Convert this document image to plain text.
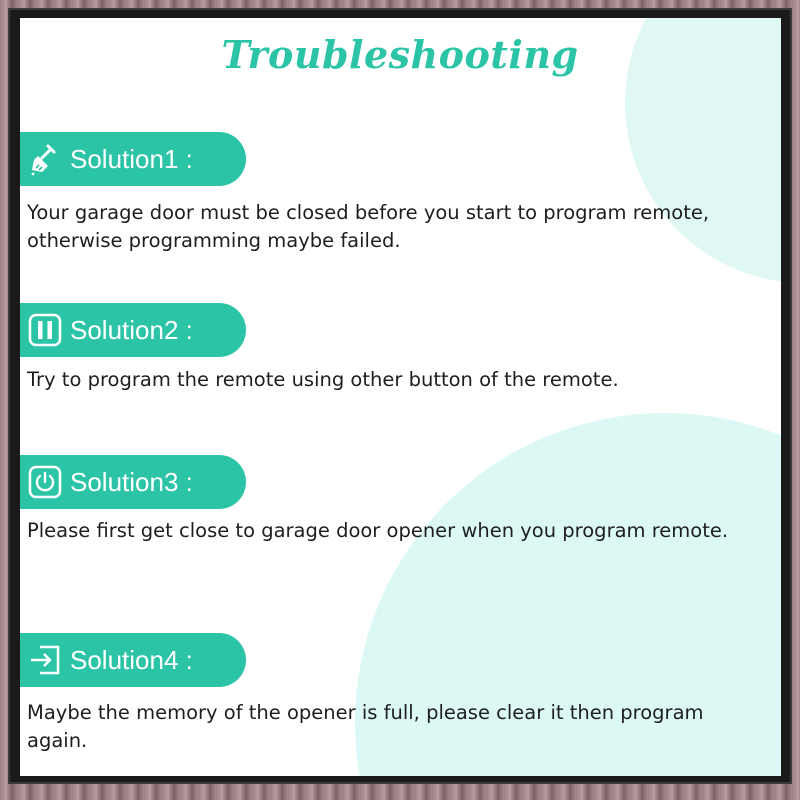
Troubleshooting
Solution1 :
Your garage door must be closed before you start to program remote, otherwise programming maybe failed.
Solution2 :
Try to program the remote using other button of the remote.
Solution3 :
Please first get close to garage door opener when you program remote.
Solution4 :
Maybe the memory of the opener is full, please clear it then program again.
